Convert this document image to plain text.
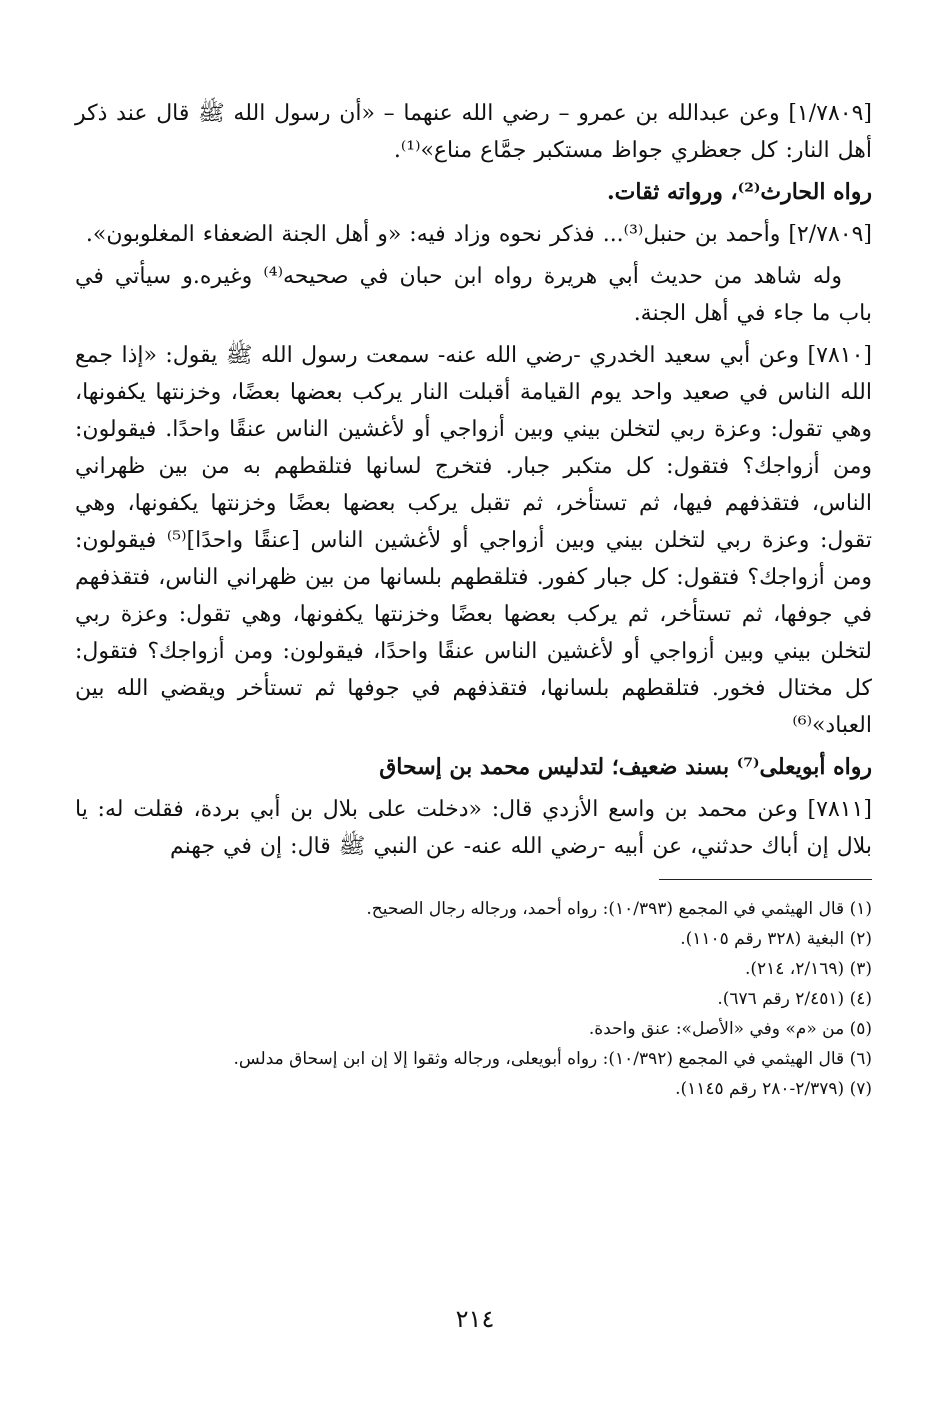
[١/٧٨٠٩] وعن عبدالله بن عمرو – رضي الله عنهما – «أن رسول الله ﷺ قال عند ذكر أهل النار: كل جعظري جواظ مستكبر جمَّاع مناع»⁽¹⁾.

رواه الحارث⁽²⁾، ورواته ثقات.

[٢/٧٨٠٩] وأحمد بن حنبل⁽³⁾... فذكر نحوه وزاد فيه: «و أهل الجنة الضعفاء المغلوبون».

وله شاهد من حديث أبي هريرة رواه ابن حبان في صحيحه⁽⁴⁾ وغيره.و سيأتي في باب ما جاء في أهل الجنة.

[٧٨١٠] وعن أبي سعيد الخدري -رضي الله عنه- سمعت رسول الله ﷺ يقول: «إذا جمع الله الناس في صعيد واحد يوم القيامة أقبلت النار يركب بعضها بعضًا، وخزنتها يكفونها، وهي تقول: وعزة ربي لتخلن بيني وبين أزواجي أو لأغشين الناس عنقًا واحدًا. فيقولون: ومن أزواجك؟ فتقول: كل متكبر جبار. فتخرج لسانها فتلقطهم به من بين ظهراني الناس، فتقذفهم فيها، ثم تستأخر، ثم تقبل يركب بعضها بعضًا وخزنتها يكفونها، وهي تقول: وعزة ربي لتخلن بيني وبين أزواجي أو لأغشين الناس [عنقًا واحدًا]⁽⁵⁾ فيقولون: ومن أزواجك؟ فتقول: كل جبار كفور. فتلقطهم بلسانها من بين ظهراني الناس، فتقذفهم في جوفها، ثم تستأخر، ثم يركب بعضها بعضًا وخزنتها يكفونها، وهي تقول: وعزة ربي لتخلن بيني وبين أزواجي أو لأغشين الناس عنقًا واحدًا، فيقولون: ومن أزواجك؟ فتقول: كل مختال فخور. فتلقطهم بلسانها، فتقذفهم في جوفها ثم تستأخر ويقضي الله بين العباد»⁽⁶⁾

رواه أبويعلى⁽⁷⁾ بسند ضعيف؛ لتدليس محمد بن إسحاق

[٧٨١١] وعن محمد بن واسع الأزدي قال: «دخلت على بلال بن أبي بردة، فقلت له: يا بلال إن أباك حدثني، عن أبيه -رضي الله عنه- عن النبي ﷺ قال: إن في جهنم

(١) قال الهيثمي في المجمع (١٠/٣٩٣): رواه أحمد، ورجاله رجال الصحيح.

(٢) البغية (٣٢٨ رقم ١١٠٥).

(٣) (٢/١٦٩، ٢١٤).

(٤) (٢/٤٥١ رقم ٦٧٦).

(٥) من «م» وفي «الأصل»: عنق واحدة.

(٦) قال الهيثمي في المجمع (١٠/٣٩٢): رواه أبويعلى، ورجاله وثقوا إلا إن ابن إسحاق مدلس.

(٧) (٢/٣٧٩-٢٨٠ رقم ١١٤٥).

٢١٤
